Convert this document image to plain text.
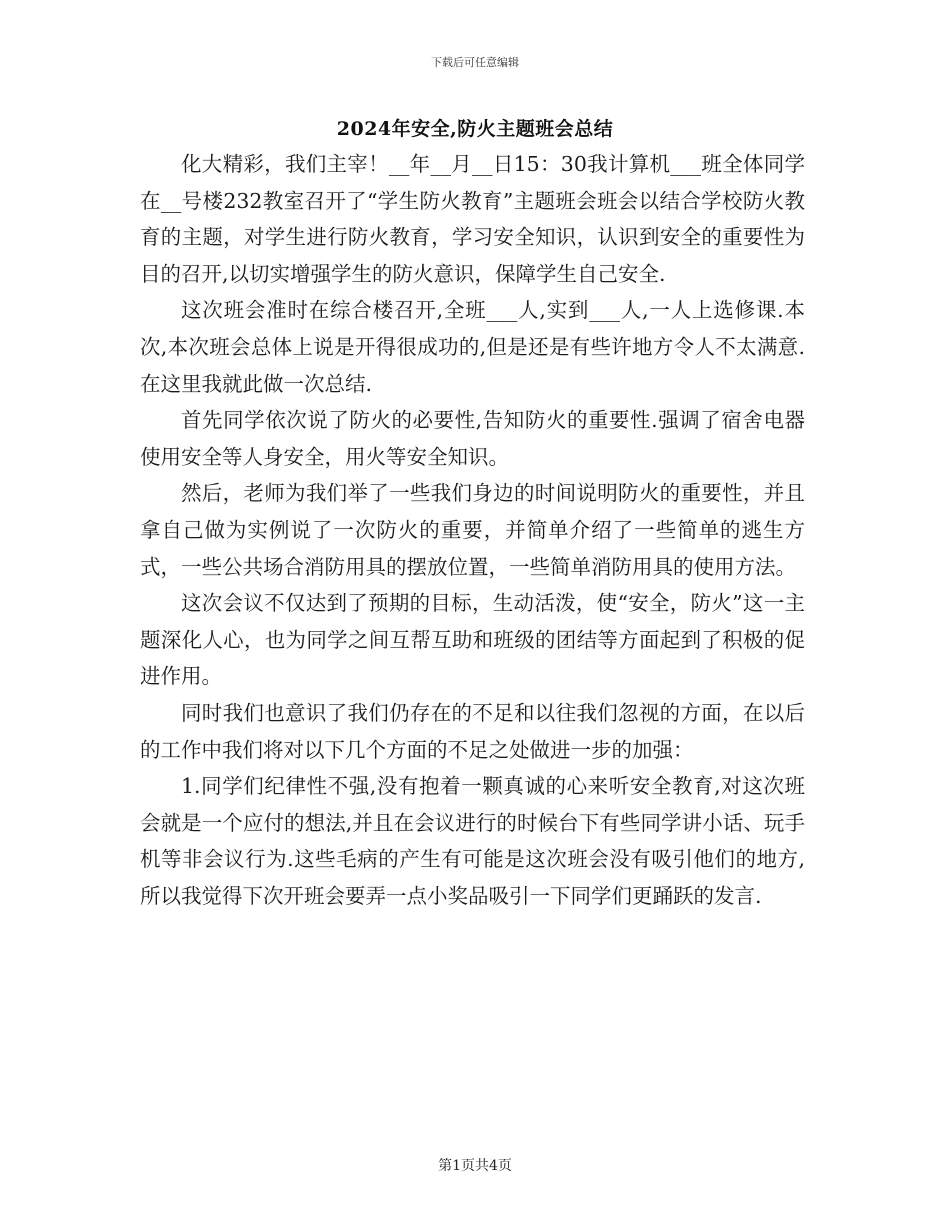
下载后可任意编辑
2024年安全,防火主题班会总结

化大精彩，我们主宰！__年__月__日15：30我计算机___班全体同学在__号楼232教室召开了“学生防火教育”主题班会班会以结合学校防火教育的主题，对学生进行防火教育，学习安全知识，认识到安全的重要性为目的召开,以切实增强学生的防火意识，保障学生自己安全.

这次班会准时在综合楼召开,全班___人,实到___人,一人上选修课.本次,本次班会总体上说是开得很成功的,但是还是有些许地方令人不太满意.在这里我就此做一次总结.

首先同学依次说了防火的必要性,告知防火的重要性.强调了宿舍电器使用安全等人身安全，用火等安全知识。

然后，老师为我们举了一些我们身边的时间说明防火的重要性，并且拿自己做为实例说了一次防火的重要，并简单介绍了一些简单的逃生方式，一些公共场合消防用具的摆放位置，一些简单消防用具的使用方法。

这次会议不仅达到了预期的目标，生动活泼，使“安全，防火”这一主题深化人心，也为同学之间互帮互助和班级的团结等方面起到了积极的促进作用。

同时我们也意识了我们仍存在的不足和以往我们忽视的方面，在以后的工作中我们将对以下几个方面的不足之处做进一步的加强：

1.同学们纪律性不强,没有抱着一颗真诚的心来听安全教育,对这次班会就是一个应付的想法,并且在会议进行的时候台下有些同学讲小话、玩手机等非会议行为.这些毛病的产生有可能是这次班会没有吸引他们的地方,所以我觉得下次开班会要弄一点小奖品吸引一下同学们更踊跃的发言.

第1页共4页
